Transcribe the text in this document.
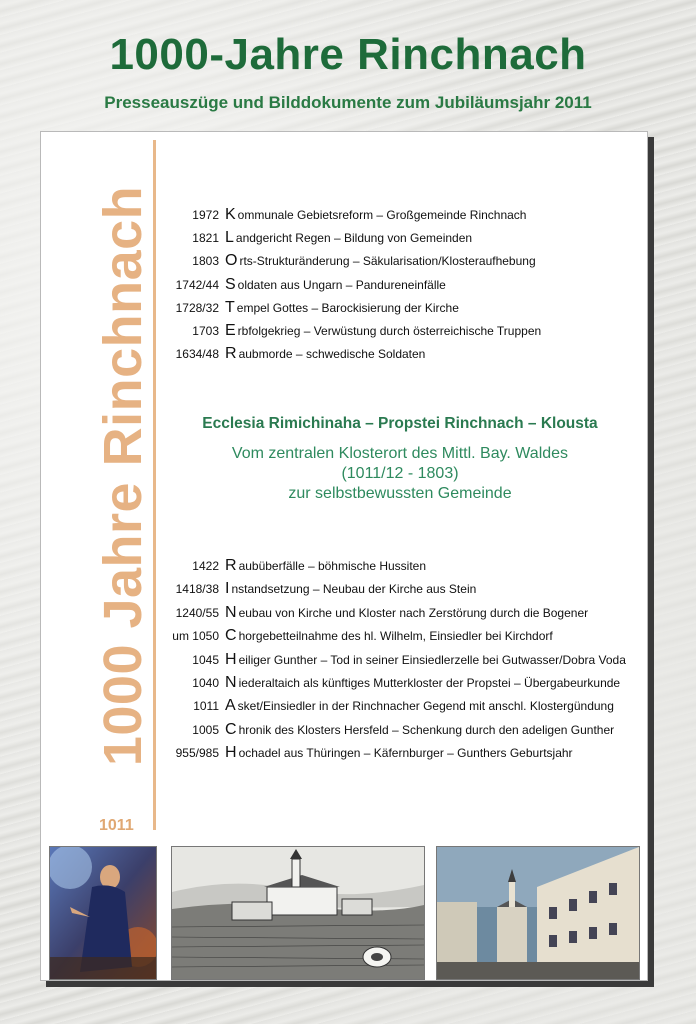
1000-Jahre Rinchnach
Presseauszüge und Bilddokumente zum Jubiläumsjahr 2011
1000 Jahre Rinchnach
1011
1972 K ommunale Gebietsreform – Großgemeinde Rinchnach
1821 L andgericht Regen – Bildung von Gemeinden
1803 O rts-Strukturänderung – Säkularisation/Klosteraufhebung
1742/44 S oldaten aus Ungarn – Pandureneinfälle
1728/32 T empel Gottes – Barockisierung der Kirche
1703 E rbfolgekrieg – Verwüstung durch österreichische Truppen
1634/48 R aubmorde – schwedische Soldaten
Ecclesia Rimichinaha – Propstei Rinchnach – Klousta
Vom zentralen Klosterort des Mittl. Bay. Waldes
(1011/12 - 1803)
zur selbstbewussten Gemeinde
1422 R aubüberfälle – böhmische Hussiten
1418/38 I nstandsetzung – Neubau der Kirche aus Stein
1240/55 N eubau von Kirche und Kloster nach Zerstörung durch die Bogener
um 1050 C horgebetteilnahme des hl. Wilhelm, Einsiedler bei Kirchdorf
1045 H eiliger Gunther – Tod in seiner Einsiedlerzelle bei Gutwasser/Dobra Voda
1040 N iederaltaich als künftiges Mutterkloster der Propstei – Übergabeurkunde
1011 A sket/Einsiedler in der Rinchnacher Gegend mit anschl. Klostergündung
1005 C hronik des Klosters Hersfeld – Schenkung durch den adeligen Gunther
955/985 H ochadel aus Thüringen – Käfernburger – Gunthers Geburtsjahr
